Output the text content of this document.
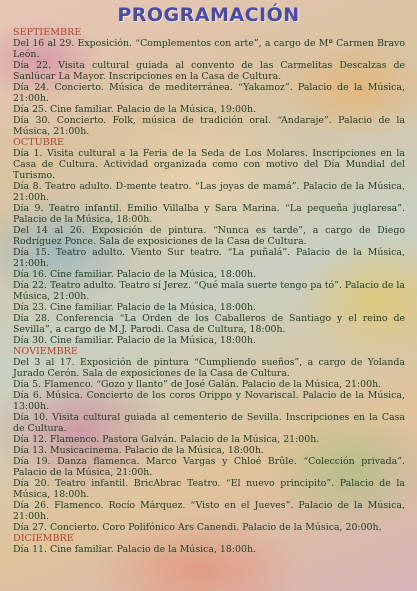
PROGRAMACIÓN
SEPTIEMBRE
Del 16 al 29. Exposición. “Complementos con arte”, a cargo de Mª Carmen Bravo León.
Día 22. Visita cultural guiada al convento de las Carmelitas Descalzas de Sanlúcar La Mayor. Inscripciones en la Casa de Cultura.
Día 24. Concierto. Música de mediterránea. “Yakamoz”. Palacio de la Música, 21:00h.
Día 25. Cine familiar. Palacio de la Música, 19:00h.
Día 30. Concierto. Folk, música de tradición oral. “Andaraje”. Palacio de la Música, 21:00h.
OCTUBRE
Día 1. Visita cultural a la Feria de la Seda de Los Molares. Inscripciones en la Casa de Cultura. Actividad organizada como con motivo del Día Mundial del Turismo.
Día 8. Teatro adulto. D-mente teatro. “Las joyas de mamá”. Palacio de la Música, 21:00h.
Día 9. Teatro infantil. Emilio Villalba y Sara Marina. “La pequeña juglaresa”. Palacio de la Música, 18:00h.
Del 14 al 26. Exposición de pintura. “Nunca es tarde”, a cargo de Diego Rodríguez Ponce. Sala de exposiciones de la Casa de Cultura.
Día 15. Teatro adulto. Viento Sur teatro. “La puñalá”. Palacio de la Música, 21:00h.
Día 16. Cine familiar. Palacio de la Música, 18:00h.
Día 22. Teatro adulto. Teatro sí Jerez. “Qué mala suerte tengo pa tó”. Palacio de la Música, 21:00h.
Día 23. Cine familiar. Palacio de la Música, 18:00h.
Día 28. Conferencia “La Orden de los Caballeros de Santiago y el reino de Sevilla”, a cargo de M.J. Parodi. Casa de Cultura, 18:00h.
Día 30. Cine familiar. Palacio de la Música, 18:00h.
NOVIEMBRE
Del 3 al 17. Exposición de pintura “Cumpliendo sueños”, a cargo de Yolanda Jurado Cerón. Sala de exposiciones de la Casa de Cultura.
Día 5. Flamenco. “Gozo y llanto” de José Galán. Palacio de la Música, 21:00h.
Día 6. Música. Concierto de los coros Orippo y Novariscal. Palacio de la Música, 13:00h.
Día 10. Visita cultural guiada al cementerio de Sevilla. Inscripciones en la Casa de Cultura.
Día 12. Flamenco. Pastora Galván. Palacio de la Música, 21:00h.
Día 13. Musicacinema. Palacio de la Música, 18:00h.
Día 19. Danza flamenca. Marco Vargas y Chloé Brûle. “Colección privada”. Palacio de la Música, 21:00h.
Día 20. Teatro infantil. BricAbrac Teatro. “El nuevo principito”. Palacio de la Música, 18:00h.
Día 26. Flamenco. Rocío Márquez. “Visto en el Jueves”. Palacio de la Música, 21:00h.
Día 27. Concierto. Coro Polifónico Ars Canendi. Palacio de la Música, 20:00h.
DICIEMBRE
Día 11. Cine familiar. Palacio de la Música, 18:00h.
